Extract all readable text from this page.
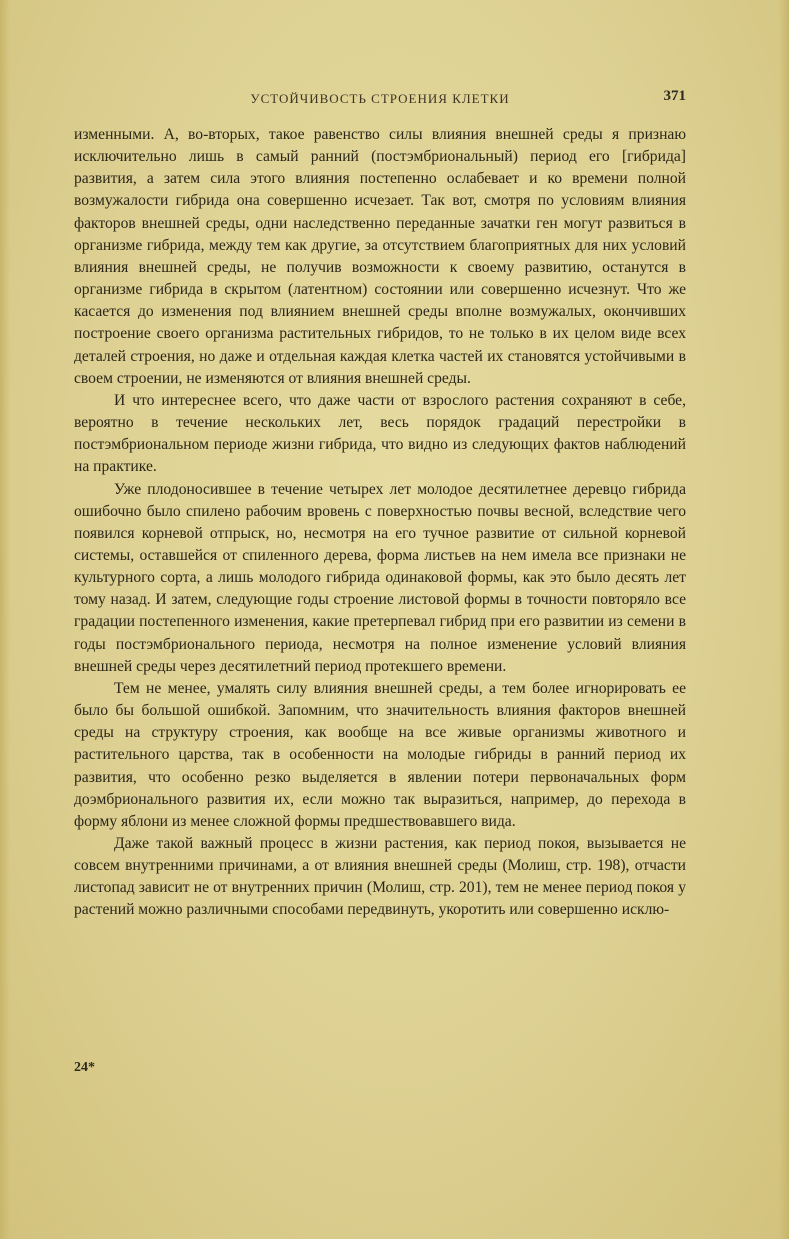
УСТОЙЧИВОСТЬ СТРОЕНИЯ КЛЕТКИ	371

изменными. А, во-вторых, такое равенство силы влияния внешней среды я признаю исключительно лишь в самый ранний (постэмбриональный) период его [гибрида] развития, а затем сила этого влияния постепенно ослабевает и ко времени полной возмужалости гибрида она совершенно исчезает. Так вот, смотря по условиям влияния факторов внешней среды, одни наследственно переданные зачатки ген могут развиться в организме гибрида, между тем как другие, за отсутствием благоприятных для них условий влияния внешней среды, не получив возможности к своему развитию, останутся в организме гибрида в скрытом (латентном) состоянии или совершенно исчезнут. Что же касается до изменения под влиянием внешней среды вполне возмужалых, окончивших построение своего организма растительных гибридов, то не только в их целом виде всех деталей строения, но даже и отдельная каждая клетка частей их становятся устойчивыми в своем строении, не изменяются от влияния внешней среды.

И что интереснее всего, что даже части от взрослого растения сохраняют в себе, вероятно в течение нескольких лет, весь порядок градаций перестройки в постэмбриональном периоде жизни гибрида, что видно из следующих фактов наблюдений на практике.

Уже плодоносившее в течение четырех лет молодое десятилетнее деревцо гибрида ошибочно было спилено рабочим вровень с поверхностью почвы весной, вследствие чего появился корневой отпрыск, но, несмотря на его тучное развитие от сильной корневой системы, оставшейся от спиленного дерева, форма листьев на нем имела все признаки не культурного сорта, а лишь молодого гибрида одинаковой формы, как это было десять лет тому назад. И затем, следующие годы строение листовой формы в точности повторяло все градации постепенного изменения, какие претерпевал гибрид при его развитии из семени в годы постэмбрионального периода, несмотря на полное изменение условий влияния внешней среды через десятилетний период протекшего времени.

Тем не менее, умалять силу влияния внешней среды, а тем более игнорировать ее было бы большой ошибкой. Запомним, что значительность влияния факторов внешней среды на структуру строения, как вообще на все живые организмы животного и растительного царства, так в особенности на молодые гибриды в ранний период их развития, что особенно резко выделяется в явлении потери первоначальных форм доэмбрионального развития их, если можно так выразиться, например, до перехода в форму яблони из менее сложной формы предшествовавшего вида.

Даже такой важный процесс в жизни растения, как период покоя, вызывается не совсем внутренними причинами, а от влияния внешней среды (Молиш, стр. 198), отчасти листопад зависит не от внутренних причин (Молиш, стр. 201), тем не менее период покоя у растений можно различными способами передвинуть, укоротить или совершенно исклю-

24*
